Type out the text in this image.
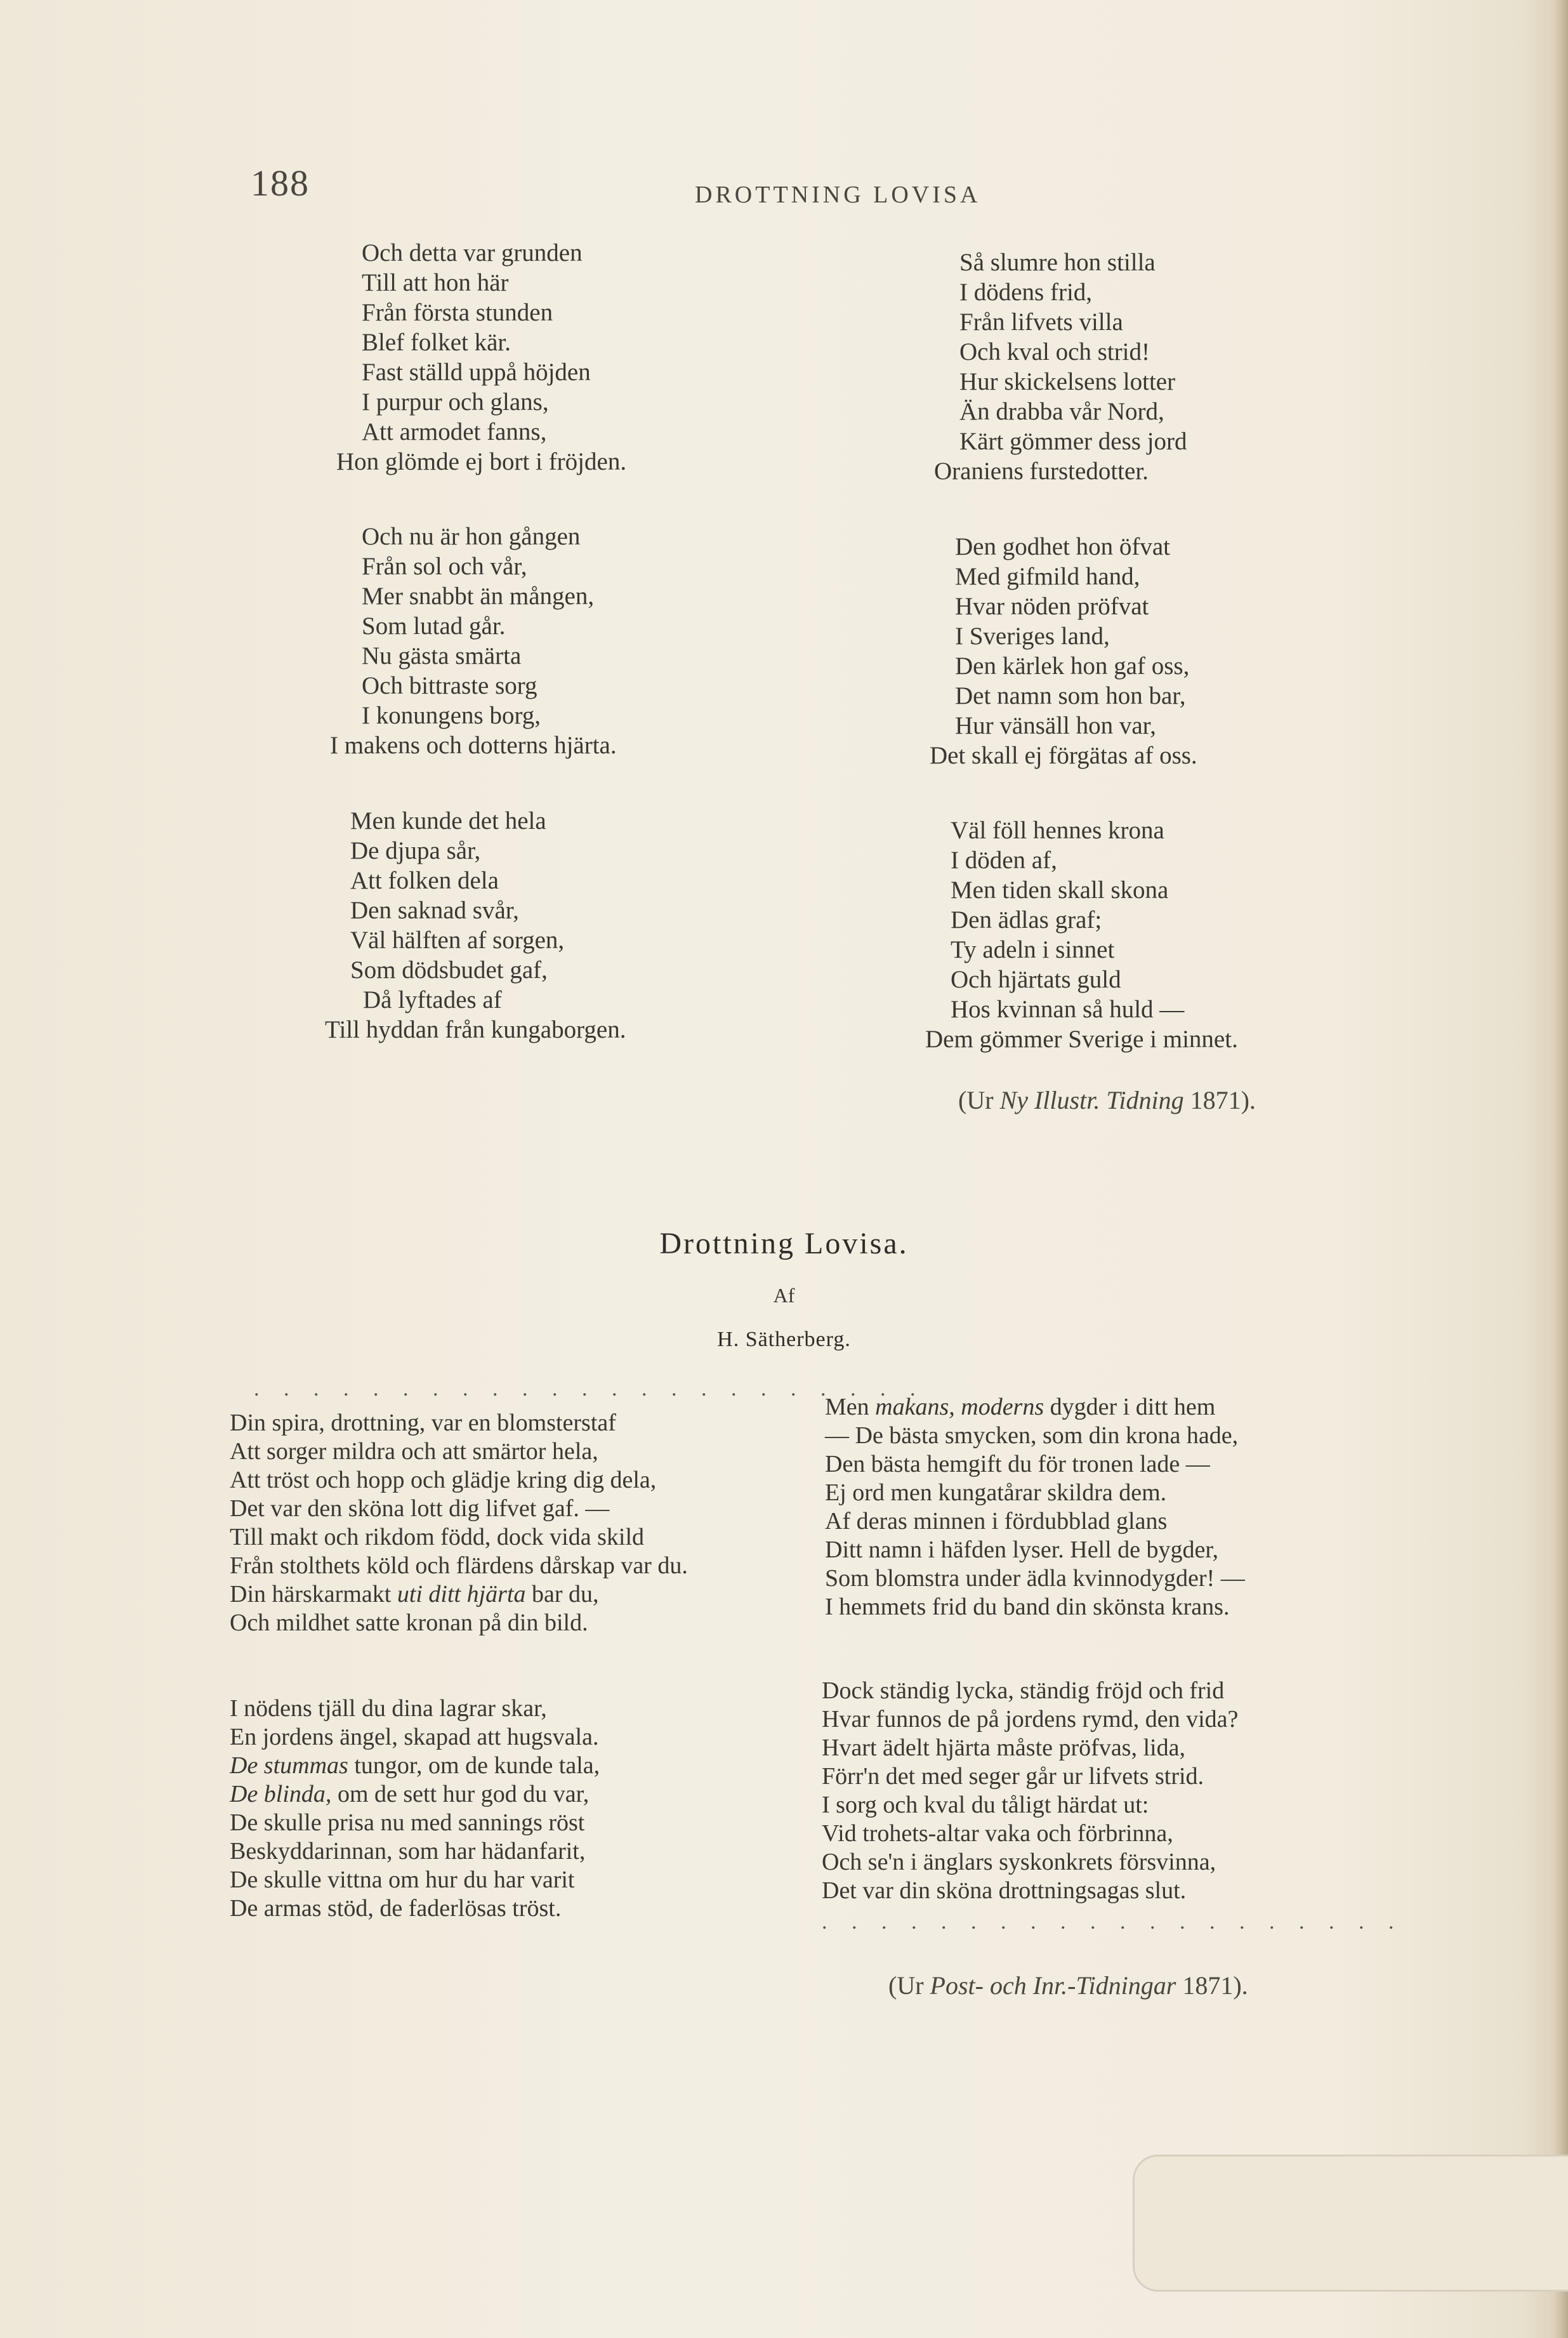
188	DROTTNING LOVISA
Och detta var grunden
Till att hon här
Från första stunden
Blef folket kär.
Fast ställd uppå höjden
I purpur och glans,
Att armodet fanns,
Hon glömde ej bort i fröjden.
Och nu är hon gången
Från sol och vår,
Mer snabbt än mången,
Som lutad går.
Nu gästa smärta
Och bittraste sorg
I konungens borg,
I makens och dotterns hjärta.
Men kunde det hela
De djupa sår,
Att folken dela
Den saknad svår,
Väl hälften af sorgen,
Som dödsbudet gaf,
Då lyftades af
Till hyddan från kungaborgen.
Så slumre hon stilla
I dödens frid,
Från lifvets villa
Och kval och strid!
Hur skickelsens lotter
Än drabba vår Nord,
Kärt gömmer dess jord
Oraniens furstedotter.
Den godhet hon öfvat
Med gifmild hand,
Hvar nöden pröfvat
I Sveriges land,
Den kärlek hon gaf oss,
Det namn som hon bar,
Hur vänsäll hon var,
Det skall ej förgätas af oss.
Väl föll hennes krona
I döden af,
Men tiden skall skona
Den ädlas graf;
Ty adeln i sinnet
Och hjärtats guld
Hos kvinnan så huld —
Dem gömmer Sverige i minnet.
(Ur Ny Illustr. Tidning 1871).
Drottning Lovisa.
Af
H. Sätherberg.
. . . . . . . . . . . . . . . . . . . . . . .
Din spira, drottning, var en blomsterstaf
Att sorger mildra och att smärtor hela,
Att tröst och hopp och glädje kring dig dela,
Det var den sköna lott dig lifvet gaf. —
Till makt och rikdom född, dock vida skild
Från stolthets köld och flärdens dårskap var du.
Din härskarmakt uti ditt hjärta bar du,
Och mildhet satte kronan på din bild.
I nödens tjäll du dina lagrar skar,
En jordens ängel, skapad att hugsvala.
De stummas tungor, om de kunde tala,
De blinda, om de sett hur god du var,
De skulle prisa nu med sannings röst
Beskyddarinnan, som har hädanfarit,
De skulle vittna om hur du har varit
De armas stöd, de faderlösas tröst.
Men makans, moderns dygder i ditt hem
— De bästa smycken, som din krona hade,
Den bästa hemgift du för tronen lade —
Ej ord men kungatårar skildra dem.
Af deras minnen i fördubblad glans
Ditt namn i häfden lyser. Hell de bygder,
Som blomstra under ädla kvinnodygder! —
I hemmets frid du band din skönsta krans.
Dock ständig lycka, ständig fröjd och frid
Hvar funnos de på jordens rymd, den vida?
Hvart ädelt hjärta måste pröfvas, lida,
Förr'n det med seger går ur lifvets strid.
I sorg och kval du tåligt härdat ut:
Vid trohets-altar vaka och förbrinna,
Och se'n i änglars syskonkrets försvinna,
Det var din sköna drottningsagas slut.
. . . . . . . . . . . . . . . . . . . .
(Ur Post- och Inr.-Tidningar 1871).
